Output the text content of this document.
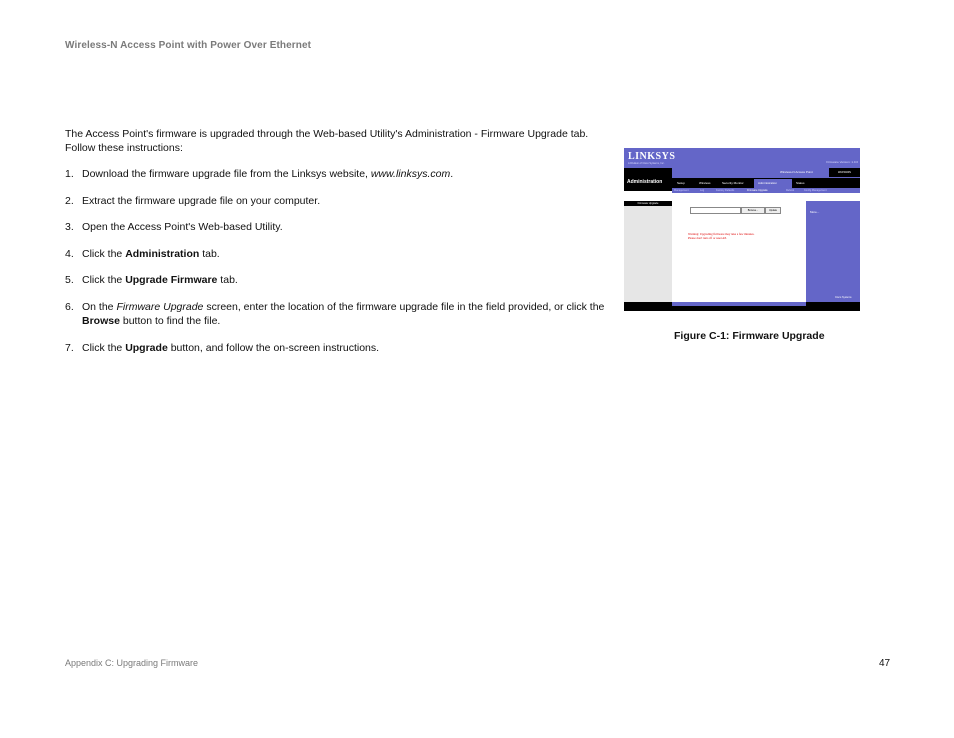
Wireless-N Access Point with Power Over Ethernet

The Access Point's firmware is upgraded through the Web-based Utility's Administration - Firmware Upgrade tab. Follow these instructions:

1. Download the firmware upgrade file from the Linksys website, www.linksys.com.
2. Extract the firmware upgrade file on your computer.
3. Open the Access Point's Web-based Utility.
4. Click the Administration tab.
5. Click the Upgrade Firmware tab.
6. On the Firmware Upgrade screen, enter the location of the firmware upgrade file in the field provided, or click the Browse button to find the file.
7. Click the Upgrade button, and follow the on-screen instructions.
LINKSYS
A Division of Cisco Systems, Inc.	Firmware Version: 1.0.0
Wireless-N Access Point	WAP4400N
Administration	Setup	Wireless	Security Monitor	Administration	Status
Management	Log	Factory Defaults	Firmware Upgrade	Reboot	Config Management
Firmware Upgrade
More...
Browse...	Update
Warning: Upgrading firmware may take a few minutes.
Please don't turn off or reset AP.
Cisco Systems
Figure C-1: Firmware Upgrade
Appendix C: Upgrading Firmware	47
